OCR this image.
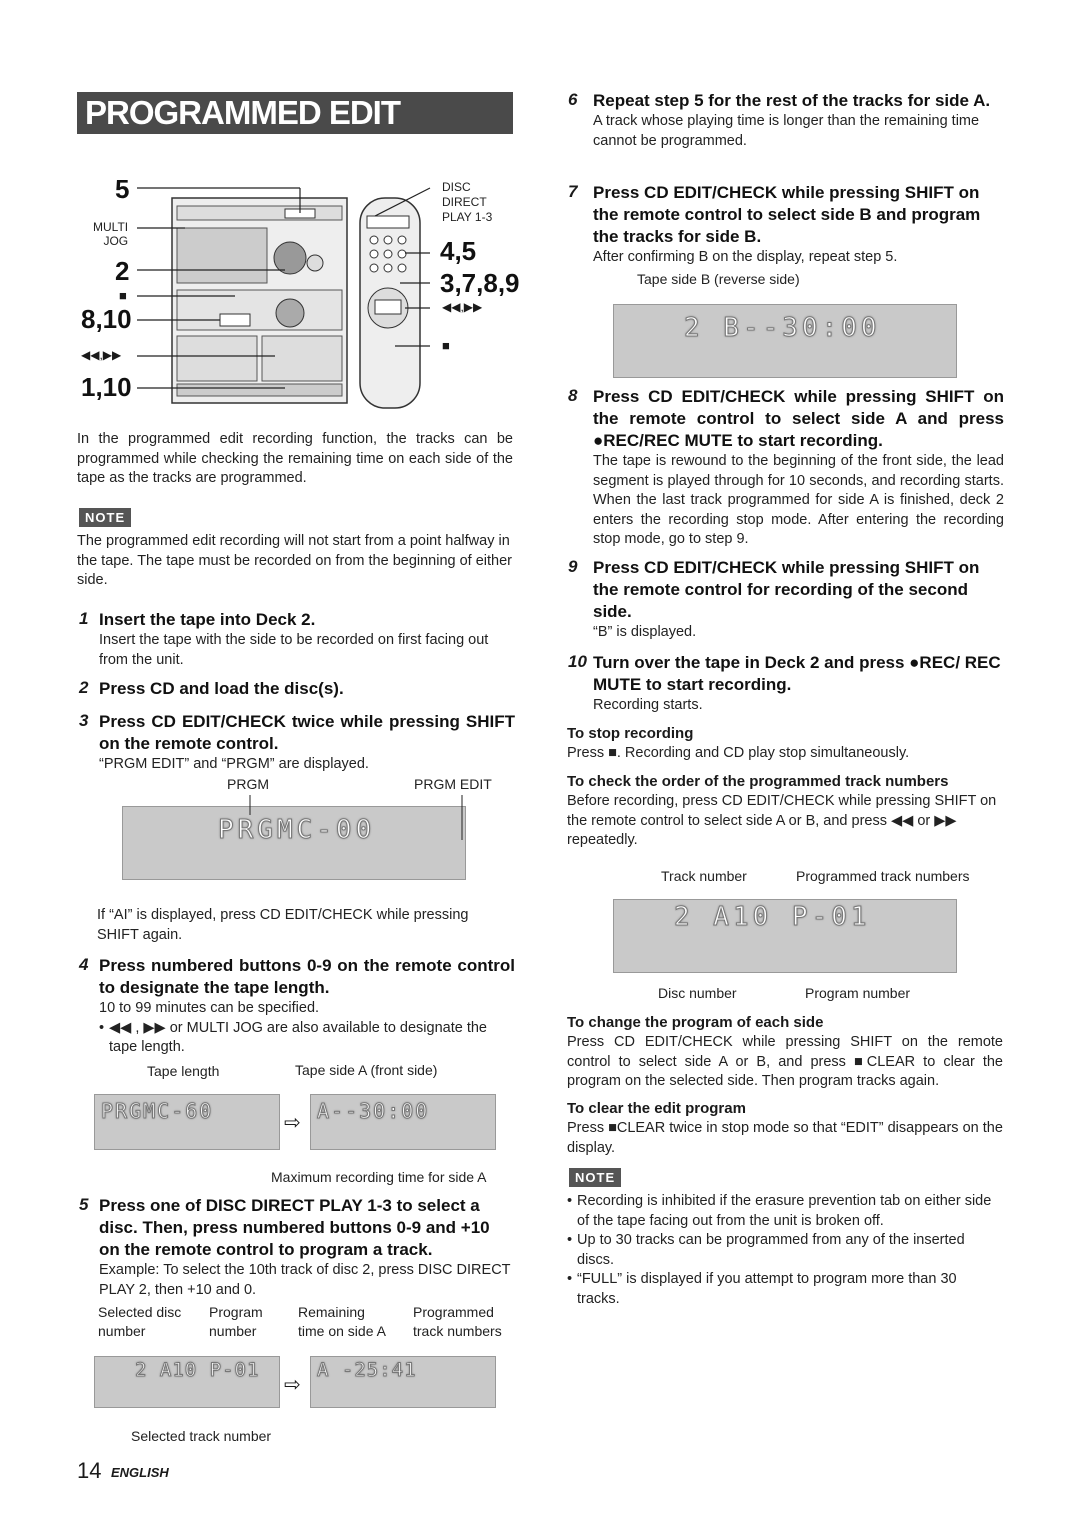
PROGRAMMED EDIT RECORDING
5
MULTI
JOG
2
■
8,10
◀◀,▶▶
1,10
DISC
DIRECT
PLAY 1-3
4,5
3,7,8,9
◀◀,▶▶
■
In the programmed edit recording function, the tracks can be programmed while checking the remaining time on each side of the tape as the tracks are programmed.
NOTE
The programmed edit recording will not start from a point halfway in the tape. The tape must be recorded on from the beginning of either side.
1 Insert the tape into Deck 2.
Insert the tape with the side to be recorded on first facing out from the unit.
2 Press CD and load the disc(s).
3 Press CD EDIT/CHECK twice while pressing SHIFT on the remote control.
“PRGM EDIT” and “PRGM” are displayed.
PRGM	PRGM EDIT
PRGMC-00
If “AI” is displayed, press CD EDIT/CHECK while pressing SHIFT again.
4 Press numbered buttons 0-9 on the remote control to designate the tape length.
10 to 99 minutes can be specified.
• ◀◀ , ▶▶ or MULTI JOG are also available to designate the tape length.
Tape length	Tape side A (front side)
PRGMC-60	⇨ A--30:00
Maximum recording time for side A
5 Press one of DISC DIRECT PLAY 1-3 to select a disc. Then, press numbered buttons 0-9 and +10 on the remote control to program a track.
Example: To select the 10th track of disc 2, press DISC DIRECT PLAY 2, then +10 and 0.
Selected disc
number
Program
number
Remaining
time on side A
Programmed
track numbers
2 A10 P-01
⇨
A -25:41
Selected track number
14 ENGLISH
6 Repeat step 5 for the rest of the tracks for side A.
A track whose playing time is longer than the remaining time cannot be programmed.
7 Press CD EDIT/CHECK while pressing SHIFT on the remote control to select side B and program the tracks for side B.
After confirming B on the display, repeat step 5.
Tape side B (reverse side)
2 B--30:00
8 Press CD EDIT/CHECK while pressing SHIFT on the remote control to select side A and press ●REC/REC MUTE to start recording.
The tape is rewound to the beginning of the front side, the lead segment is played through for 10 seconds, and recording starts. When the last track programmed for side A is finished, deck 2 enters the recording stop mode. After entering the recording stop mode, go to step 9.
9 Press CD EDIT/CHECK while pressing SHIFT on the remote control for recording of the second side.
“B” is displayed.
10 Turn over the tape in Deck 2 and press ●REC/ REC MUTE to start recording.
Recording starts.
To stop recording
Press ■. Recording and CD play stop simultaneously.
To check the order of the programmed track numbers
Before recording, press CD EDIT/CHECK while pressing SHIFT on the remote control to select side A or B, and press ◀◀ or ▶▶ repeatedly.
Track number	Programmed track numbers
2 A10 P-01
Disc number	Program number
To change the program of each side
Press CD EDIT/CHECK while pressing SHIFT on the remote control to select side A or B, and press ■CLEAR to clear the program on the selected side. Then program tracks again.
To clear the edit program
Press ■CLEAR twice in stop mode so that “EDIT” disappears on the display.
NOTE
• Recording is inhibited if the erasure prevention tab on either side of the tape facing out from the unit is broken off.
• Up to 30 tracks can be programmed from any of the inserted discs.
• “FULL” is displayed if you attempt to program more than 30 tracks.
